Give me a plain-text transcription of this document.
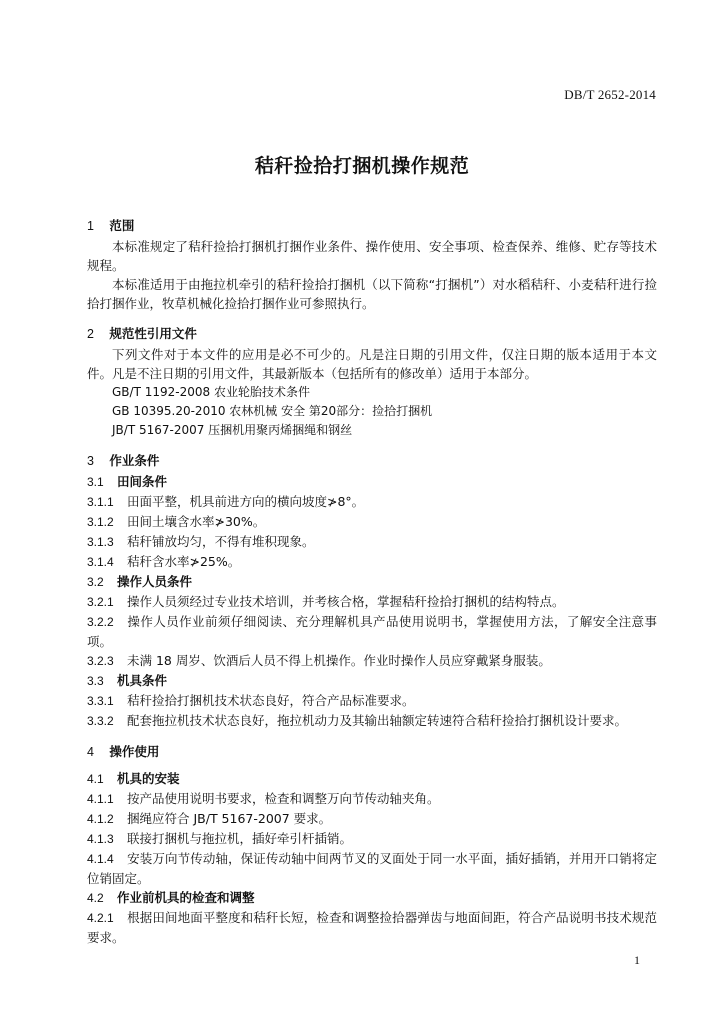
DB/T 2652-2014
秸秆捡拾打捆机操作规范
1 范围

本标准规定了秸秆捡拾打捆机打捆作业条件、操作使用、安全事项、检查保养、维修、贮存等技术规程。

本标准适用于由拖拉机牵引的秸秆捡拾打捆机（以下简称“打捆机”）对水稻秸秆、小麦秸秆进行捡拾打捆作业，牧草机械化捡拾打捆作业可参照执行。

2 规范性引用文件

下列文件对于本文件的应用是必不可少的。凡是注日期的引用文件，仅注日期的版本适用于本文件。凡是不注日期的引用文件，其最新版本（包括所有的修改单）适用于本部分。

GB/T 1192-2008 农业轮胎技术条件

GB 10395.20-2010 农林机械 安全 第20部分：捡拾打捆机

JB/T 5167-2007 压捆机用聚丙烯捆绳和钢丝

3 作业条件

3.1 田间条件

3.1.1 田面平整，机具前进方向的横向坡度≯8°。

3.1.2 田间土壤含水率≯30%。

3.1.3 秸秆铺放均匀，不得有堆积现象。

3.1.4 秸秆含水率≯25%。

3.2 操作人员条件

3.2.1 操作人员须经过专业技术培训，并考核合格，掌握秸秆捡拾打捆机的结构特点。

3.2.2 操作人员作业前须仔细阅读、充分理解机具产品使用说明书，掌握使用方法，了解安全注意事项。

3.2.3 未满 18 周岁、饮酒后人员不得上机操作。作业时操作人员应穿戴紧身服装。

3.3 机具条件

3.3.1 秸秆捡拾打捆机技术状态良好，符合产品标准要求。

3.3.2 配套拖拉机技术状态良好，拖拉机动力及其输出轴额定转速符合秸秆捡拾打捆机设计要求。

4 操作使用

4.1 机具的安装

4.1.1 按产品使用说明书要求，检查和调整万向节传动轴夹角。

4.1.2 捆绳应符合 JB/T 5167-2007 要求。

4.1.3 联接打捆机与拖拉机，插好牵引杆插销。

4.1.4 安装万向节传动轴，保证传动轴中间两节叉的叉面处于同一水平面，插好插销，并用开口销将定位销固定。

4.2 作业前机具的检查和调整

4.2.1 根据田间地面平整度和秸秆长短，检查和调整捡拾器弹齿与地面间距，符合产品说明书技术规范要求。

1
